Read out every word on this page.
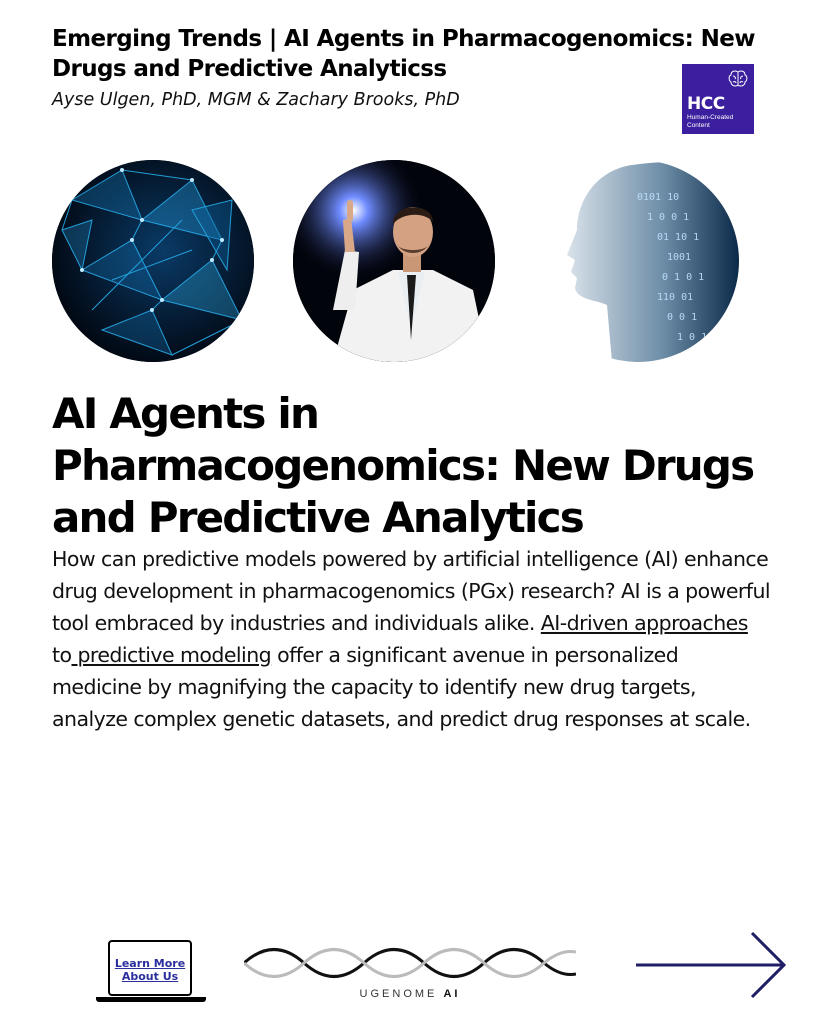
Emerging Trends | AI Agents in Pharmacogenomics: New Drugs and Predictive Analyticss
Ayse Ulgen, PhD, MGM & Zachary Brooks, PhD	HCC
Human-Created Content
0101 10
1 0 0 1
01 10 1
1001
0 1 0 1
110 01
0 0 1
1 0 1 0
01
AI Agents in Pharmacogenomics: New Drugs and Predictive Analytics

How can predictive models powered by artificial intelligence (AI) enhance drug development in pharmacogenomics (PGx) research? AI is a powerful tool embraced by industries and individuals alike. AI-driven approaches to predictive modeling offer a significant avenue in personalized medicine by magnifying the capacity to identify new drug targets, analyze complex genetic datasets, and predict drug responses at scale.

Learn More About Us
UGENOME AI
